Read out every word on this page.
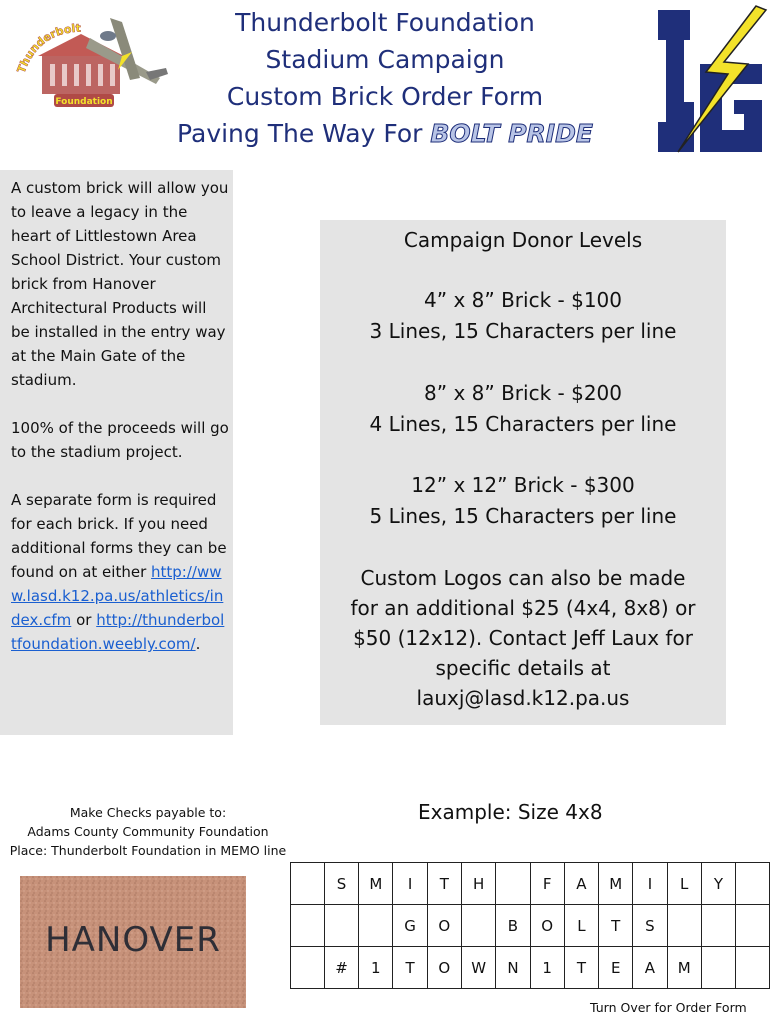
Thunderbolt
Foundation
Thunderbolt Foundation
Stadium Campaign
Custom Brick Order Form
Paving The Way For BOLT PRIDE

A custom brick will allow you to leave a legacy in the heart of Littlestown Area School District. Your custom brick from Hanover Architectural Products will be installed in the entry way at the Main Gate of the stadium.

100% of the proceeds will go to the stadium project.

A separate form is required for each brick. If you need additional forms they can be found on at either http://www.lasd.k12.pa.us/athletics/index.cfm or http://thunderboltfoundation.weebly.com/.

Campaign Donor Levels
4” x 8” Brick - $100
3 Lines, 15 Characters per line
8” x 8” Brick - $200
4 Lines, 15 Characters per line
12” x 12” Brick - $300
5 Lines, 15 Characters per line
Custom Logos can also be made
for an additional $25 (4x4, 8x8) or
$50 (12x12). Contact Jeff Laux for
specific details at
lauxj@lasd.k12.pa.us
Make Checks payable to:
Adams County Community Foundation
Place: Thunderbolt Foundation in MEMO line
HANOVER
Example: Size 4x8
	S	M	I	T	H		F	A	M	I	L	Y	
			G	O		B	O	L	T	S			
	#	1	T	O	W	N	1	T	E	A	M		
Turn Over for Order Form
